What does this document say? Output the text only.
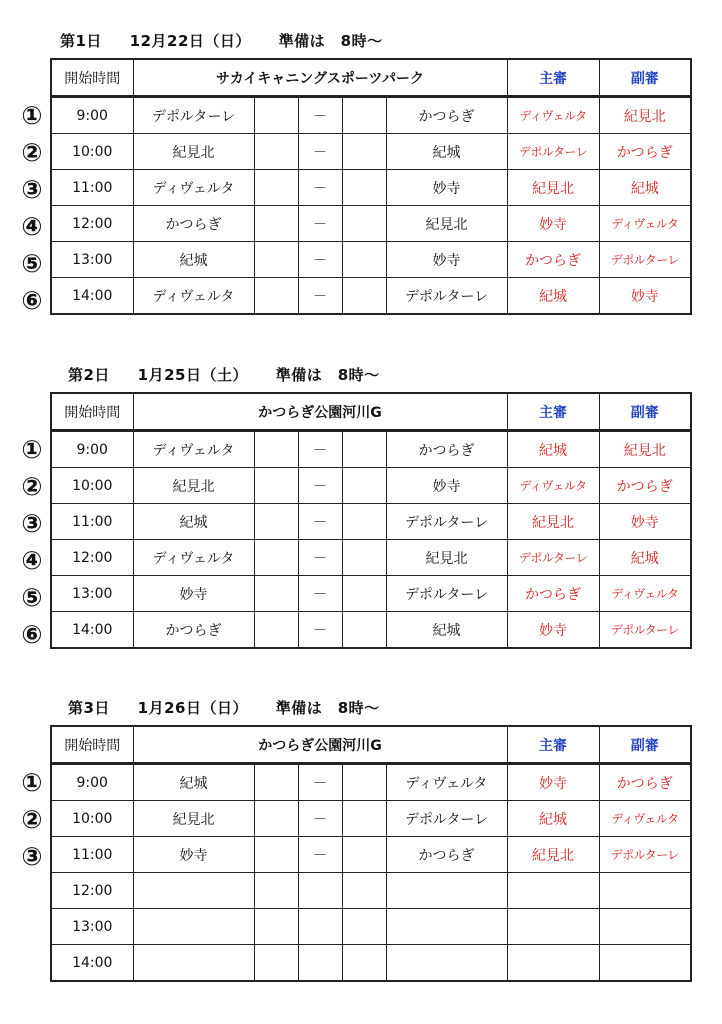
第1日 12月22日（日） 準備は　8時～
①
②
③
④
⑤
⑥
開始時間	サカイキャニングスポーツパーク					主審	副審
9:00	デポルターレ		－		かつらぎ	ディヴェルタ	紀見北
10:00	紀見北		－		紀城	デポルターレ	かつらぎ
11:00	ディヴェルタ		－		妙寺	紀見北	紀城
12:00	かつらぎ		－		紀見北	妙寺	ディヴェルタ
13:00	紀城		－		妙寺	かつらぎ	デポルターレ
14:00	ディヴェルタ		－		デポルターレ	紀城	妙寺
第2日 1月25日（土） 準備は　8時～
①
②
③
④
⑤
⑥
開始時間	かつらぎ公園河川G					主審	副審
9:00	ディヴェルタ		－		かつらぎ	紀城	紀見北
10:00	紀見北		－		妙寺	ディヴェルタ	かつらぎ
11:00	紀城		－		デポルターレ	紀見北	妙寺
12:00	ディヴェルタ		－		紀見北	デポルターレ	紀城
13:00	妙寺		－		デポルターレ	かつらぎ	ディヴェルタ
14:00	かつらぎ		－		紀城	妙寺	デポルターレ
第3日 1月26日（日） 準備は　8時～
①
②
③
開始時間	かつらぎ公園河川G					主審	副審
9:00	紀城		－		ディヴェルタ	妙寺	かつらぎ
10:00	紀見北		－		デポルターレ	紀城	ディヴェルタ
11:00	妙寺		－		かつらぎ	紀見北	デポルターレ
12:00							
13:00							
14:00							
